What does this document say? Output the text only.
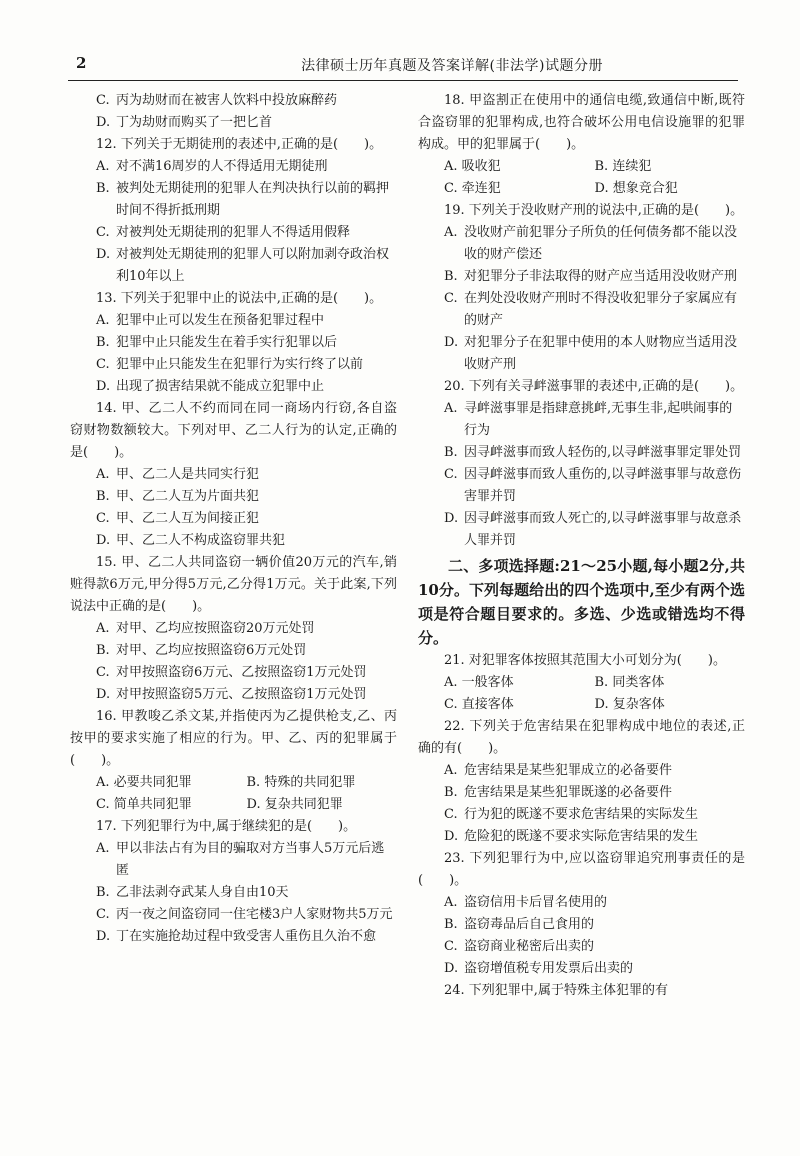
2	法律硕士历年真题及答案详解(非法学)试题分册

C. 丙为劫财而在被害人饮料中投放麻醉药

D. 丁为劫财而购买了一把匕首

12. 下列关于无期徒刑的表述中,正确的是(　　)。

A. 对不满16周岁的人不得适用无期徒刑

B. 被判处无期徒刑的犯罪人在判决执行以前的羁押时间不得折抵刑期

C. 对被判处无期徒刑的犯罪人不得适用假释

D. 对被判处无期徒刑的犯罪人可以附加剥夺政治权利10年以上

13. 下列关于犯罪中止的说法中,正确的是(　　)。

A. 犯罪中止可以发生在预备犯罪过程中

B. 犯罪中止只能发生在着手实行犯罪以后

C. 犯罪中止只能发生在犯罪行为实行终了以前

D. 出现了损害结果就不能成立犯罪中止

14. 甲、乙二人不约而同在同一商场内行窃,各自盗窃财物数额较大。下列对甲、乙二人行为的认定,正确的是(　　)。

A. 甲、乙二人是共同实行犯

B. 甲、乙二人互为片面共犯

C. 甲、乙二人互为间接正犯

D. 甲、乙二人不构成盗窃罪共犯

15. 甲、乙二人共同盗窃一辆价值20万元的汽车,销赃得款6万元,甲分得5万元,乙分得1万元。关于此案,下列说法中正确的是(　　)。

A. 对甲、乙均应按照盗窃20万元处罚

B. 对甲、乙均应按照盗窃6万元处罚

C. 对甲按照盗窃6万元、乙按照盗窃1万元处罚

D. 对甲按照盗窃5万元、乙按照盗窃1万元处罚

16. 甲教唆乙杀文某,并指使丙为乙提供枪支,乙、丙按甲的要求实施了相应的行为。甲、乙、丙的犯罪属于(　　)。

A. 必要共同犯罪	B. 特殊的共同犯罪
C. 简单共同犯罪	D. 复杂共同犯罪

17. 下列犯罪行为中,属于继续犯的是(　　)。

A. 甲以非法占有为目的骗取对方当事人5万元后逃匿

B. 乙非法剥夺武某人身自由10天

C. 丙一夜之间盗窃同一住宅楼3户人家财物共5万元

D. 丁在实施抢劫过程中致受害人重伤且久治不愈

18. 甲盗割正在使用中的通信电缆,致通信中断,既符合盗窃罪的犯罪构成,也符合破坏公用电信设施罪的犯罪构成。甲的犯罪属于(　　)。

A. 吸收犯	B. 连续犯
C. 牵连犯	D. 想象竞合犯

19. 下列关于没收财产刑的说法中,正确的是(　　)。

A. 没收财产前犯罪分子所负的任何债务都不能以没收的财产偿还

B. 对犯罪分子非法取得的财产应当适用没收财产刑

C. 在判处没收财产刑时不得没收犯罪分子家属应有的财产

D. 对犯罪分子在犯罪中使用的本人财物应当适用没收财产刑

20. 下列有关寻衅滋事罪的表述中,正确的是(　　)。

A. 寻衅滋事罪是指肆意挑衅,无事生非,起哄闹事的行为

B. 因寻衅滋事而致人轻伤的,以寻衅滋事罪定罪处罚

C. 因寻衅滋事而致人重伤的,以寻衅滋事罪与故意伤害罪并罚

D. 因寻衅滋事而致人死亡的,以寻衅滋事罪与故意杀人罪并罚

二、多项选择题:21～25小题,每小题2分,共10分。下列每题给出的四个选项中,至少有两个选项是符合题目要求的。多选、少选或错选均不得分。

21. 对犯罪客体按照其范围大小可划分为(　　)。

A. 一般客体	B. 同类客体
C. 直接客体	D. 复杂客体

22. 下列关于危害结果在犯罪构成中地位的表述,正确的有(　　)。

A. 危害结果是某些犯罪成立的必备要件

B. 危害结果是某些犯罪既遂的必备要件

C. 行为犯的既遂不要求危害结果的实际发生

D. 危险犯的既遂不要求实际危害结果的发生

23. 下列犯罪行为中,应以盗窃罪追究刑事责任的是(　　)。

A. 盗窃信用卡后冒名使用的

B. 盗窃毒品后自己食用的

C. 盗窃商业秘密后出卖的

D. 盗窃增值税专用发票后出卖的

24. 下列犯罪中,属于特殊主体犯罪的有
